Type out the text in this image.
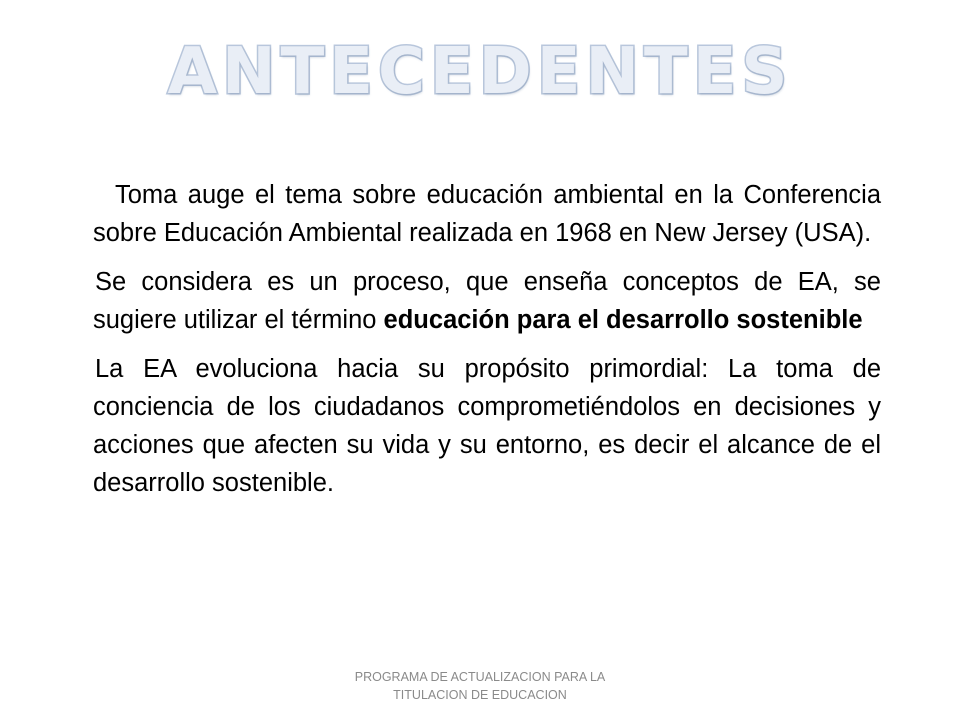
ANTECEDENTES

Toma auge el tema sobre educación ambiental en la Conferencia sobre Educación Ambiental realizada en 1968 en New Jersey (USA).

Se considera es un proceso, que enseña conceptos de EA, se sugiere utilizar el término educación para el desarrollo sostenible

La EA evoluciona hacia su propósito primordial: La toma de conciencia de los ciudadanos comprometiéndolos en decisiones y acciones que afecten su vida y su entorno, es decir el alcance de el desarrollo sostenible.

PROGRAMA DE ACTUALIZACION PARA LA
TITULACION DE EDUCACION
